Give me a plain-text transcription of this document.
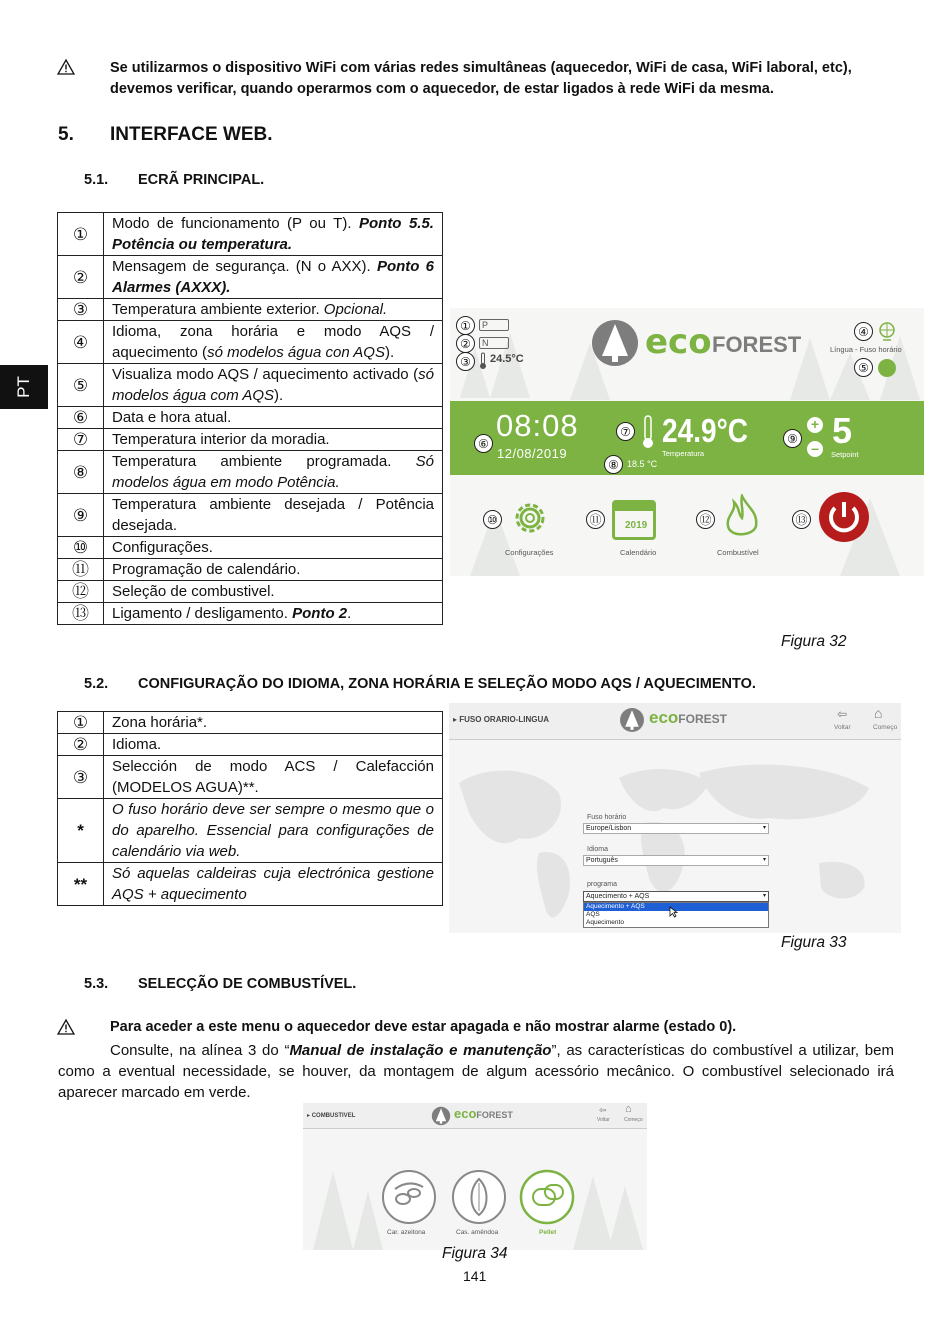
PT
Se utilizarmos o dispositivo WiFi com várias redes simultâneas (aquecedor, WiFi de casa, WiFi laboral, etc), devemos verificar, quando operarmos com o aquecedor, de estar ligados à rede WiFi da mesma.
5. INTERFACE WEB.
5.1. ECRÃ PRINCIPAL.
①	Modo de funcionamento (P ou T). Ponto 5.5. Potência ou temperatura.
②	Mensagem de segurança. (N o AXX). Ponto 6 Alarmes (AXXX).
③	Temperatura ambiente exterior. Opcional.
④	Idioma, zona horária e modo AQS / aquecimento (só modelos água con AQS).
⑤	Visualiza modo AQS / aquecimento activado (só modelos água com AQS).
⑥	Data e hora atual.
⑦	Temperatura interior da moradia.
⑧	Temperatura ambiente programada. Só modelos água em modo Potência.
⑨	Temperatura ambiente desejada / Potência desejada.
⑩	Configurações.
⑪	Programação de calendário.
⑫	Seleção de combustivel.
⑬	Ligamento / desligamento. Ponto 2.
①	P
②	N
③	24.5°C	eco FOREST
④
Língua - Fuso horário
⑤
⑥
08:08
12/08/2019
⑦ 24.9°C
Temperatura
⑧ 18.5 °C
⑨
+
– 5
Setpoint
⑩
Configurações
⑪	2019
Calendário
⑫
Combustível
⑬
Figura 32
5.2. CONFIGURAÇÃO DO IDIOMA, ZONA HORÁRIA E SELEÇÃO MODO AQS / AQUECIMENTO.
①	Zona horária*.
②	Idioma.
③	Selección de modo ACS / Calefacción (MODELOS AGUA)**.
*	O fuso horário deve ser sempre o mesmo que o do aparelho. Essencial para configurações de calendário via web.
**	Só aquelas caldeiras cuja electrónica gestione AQS + aquecimento
▸ FUSO ORARIO-LINGUA	ecoFOREST	⇦
Voltar
⌂
Começo
Fuso horário
Europe/Lisbon	▾
Idioma
Português	▾
programa
Aquecimento + AQS	▾
Aquecimento + AQS
AQS
Aquecimento
Figura 33
5.3. SELECÇÃO DE COMBUSTÍVEL.
Para aceder a este menu o aquecedor deve estar apagada e não mostrar alarme (estado 0).
Consulte, na alínea 3 do “Manual de instalação e manutenção”, as características do combustível a utilizar, bem como a eventual necessidade, se houver, da montagem de algum acessório mecânico. O combustível selecionado irá aparecer marcado em verde.
▸ COMBUSTIVEL	ecoFOREST	⇦
Voltar
⌂
Começo
Car. azeitona	Cas. amêndoa	Pellet
Figura 34
141
